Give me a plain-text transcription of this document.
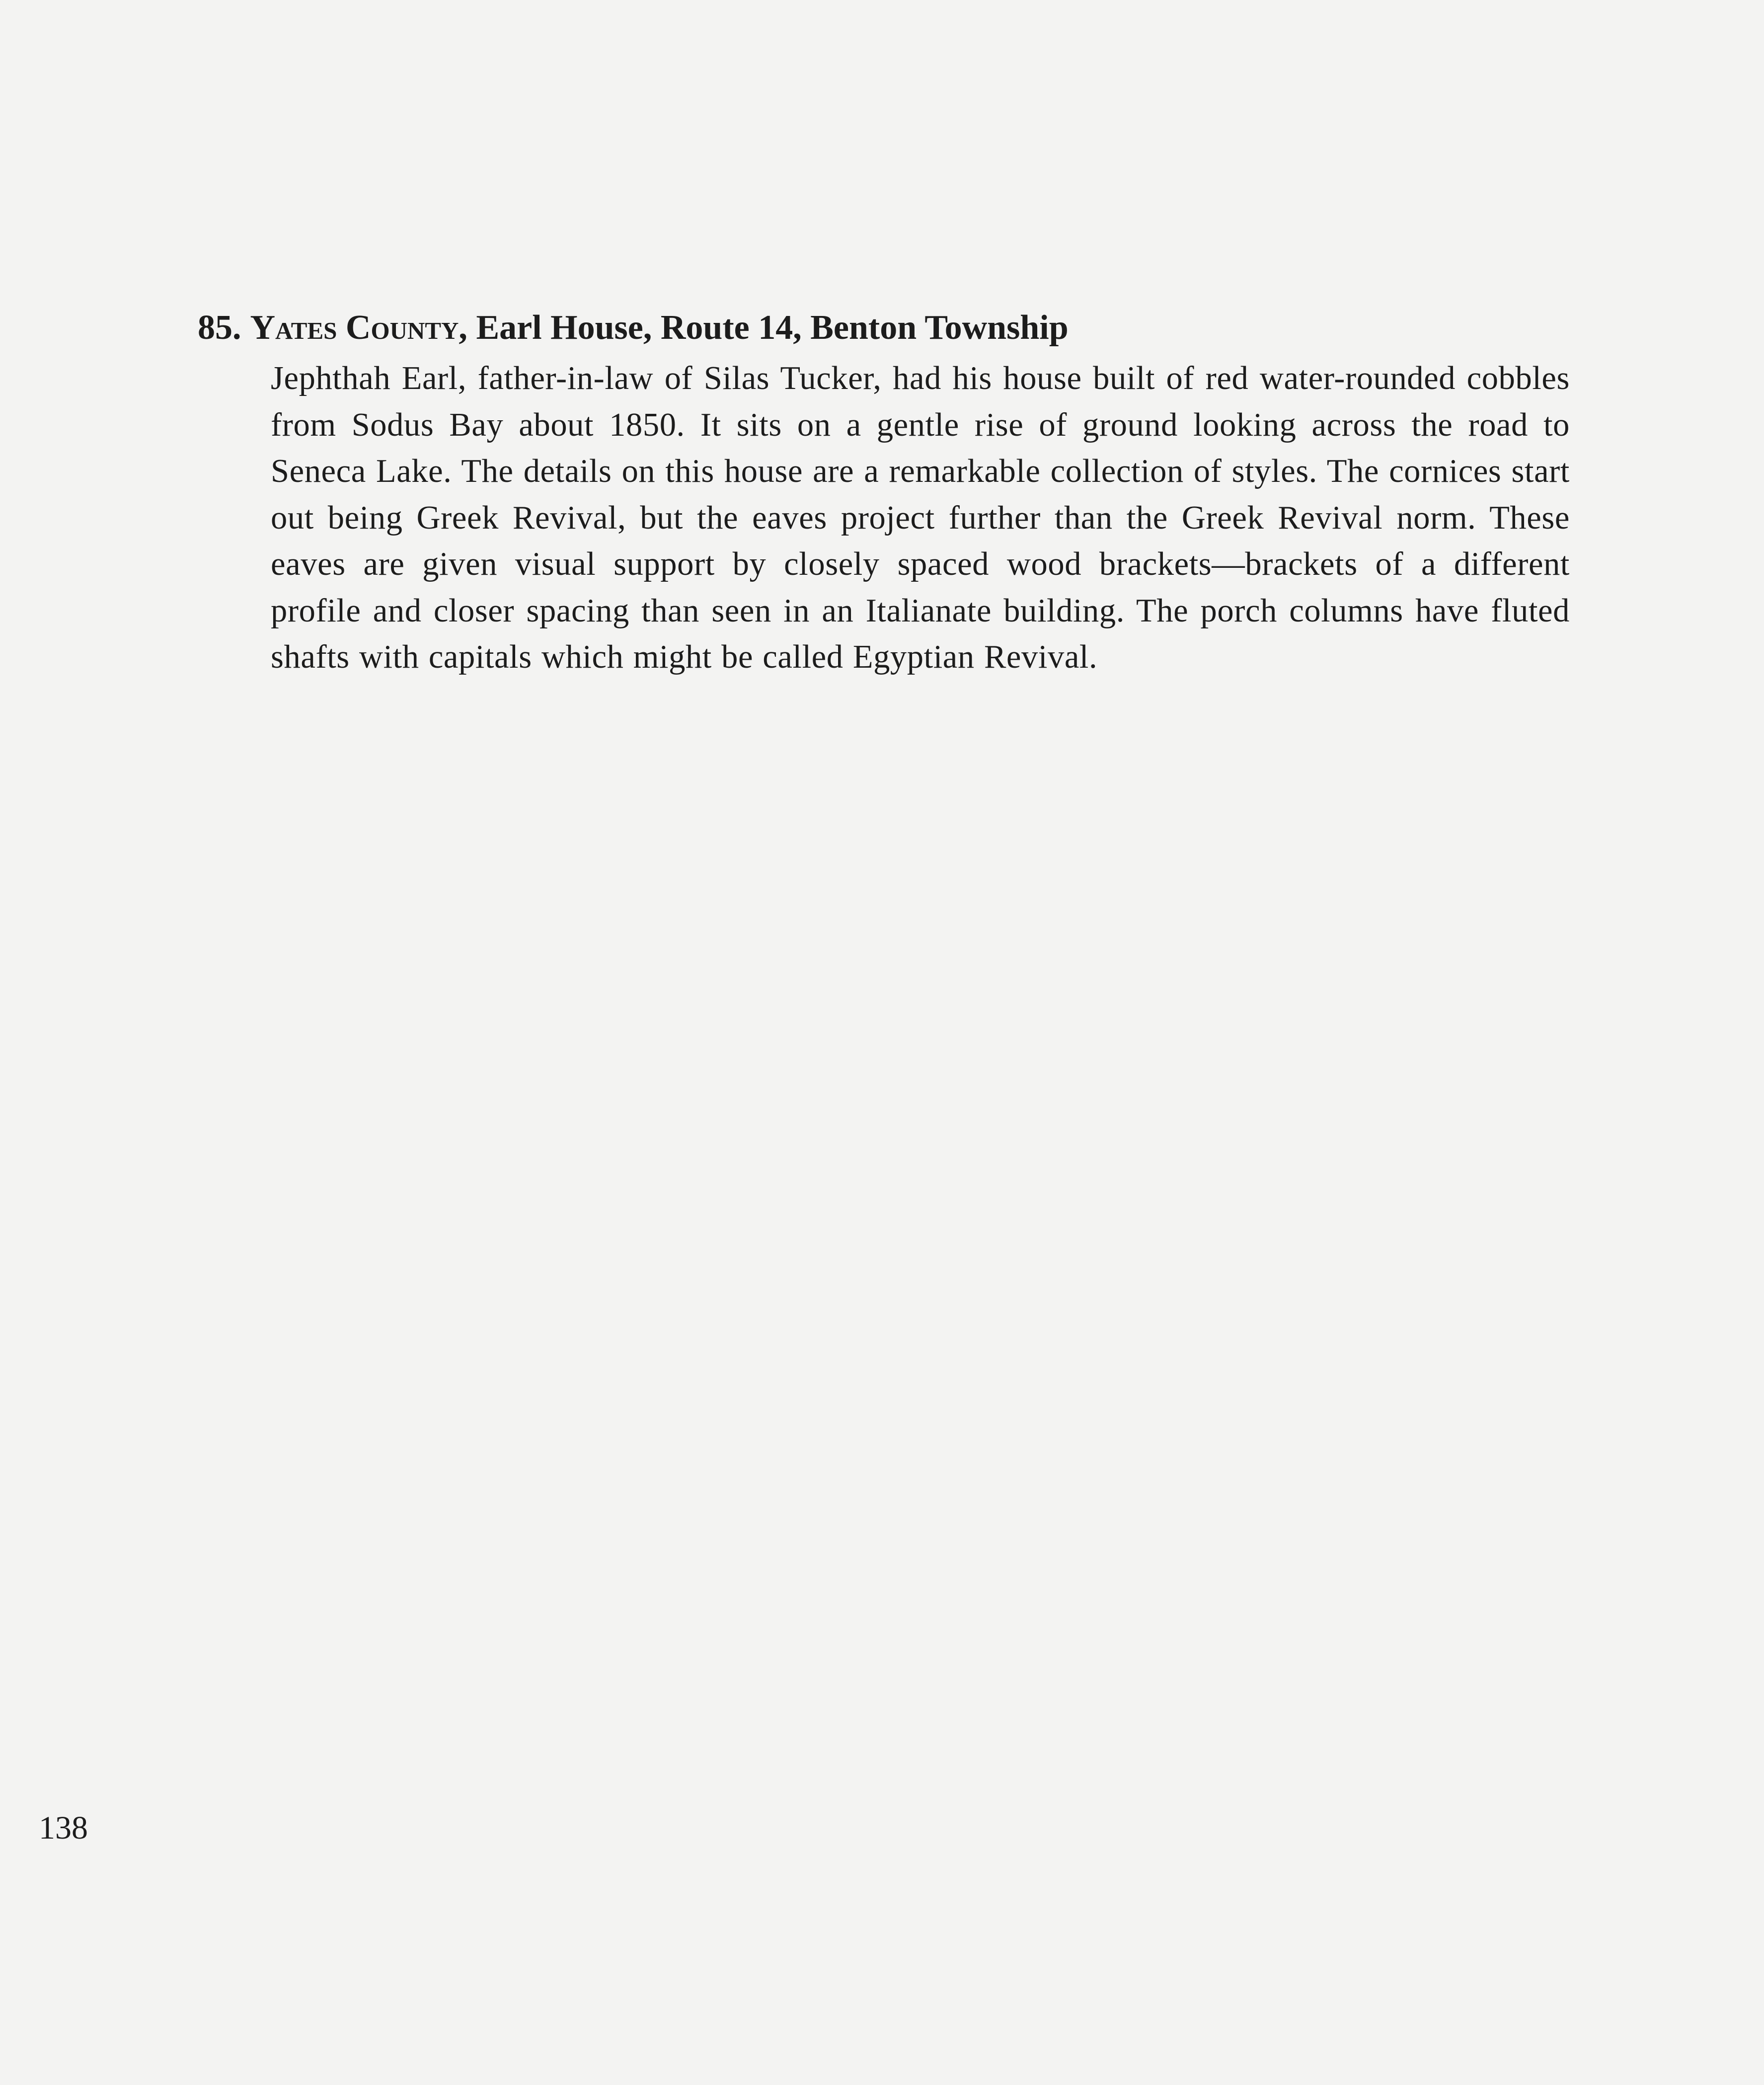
85. Yates County, Earl House, Route 14, Benton Township

Jephthah Earl, father-in-law of Silas Tucker, had his house built of red water-rounded cobbles from Sodus Bay about 1850. It sits on a gentle rise of ground looking across the road to Seneca Lake. The details on this house are a remarkable collection of styles. The cornices start out being Greek Revival, but the eaves project further than the Greek Revival norm. These eaves are given visual support by closely spaced wood brackets—brackets of a different profile and closer spacing than seen in an Italianate building. The porch columns have fluted shafts with capitals which might be called Egyptian Revival.

138
